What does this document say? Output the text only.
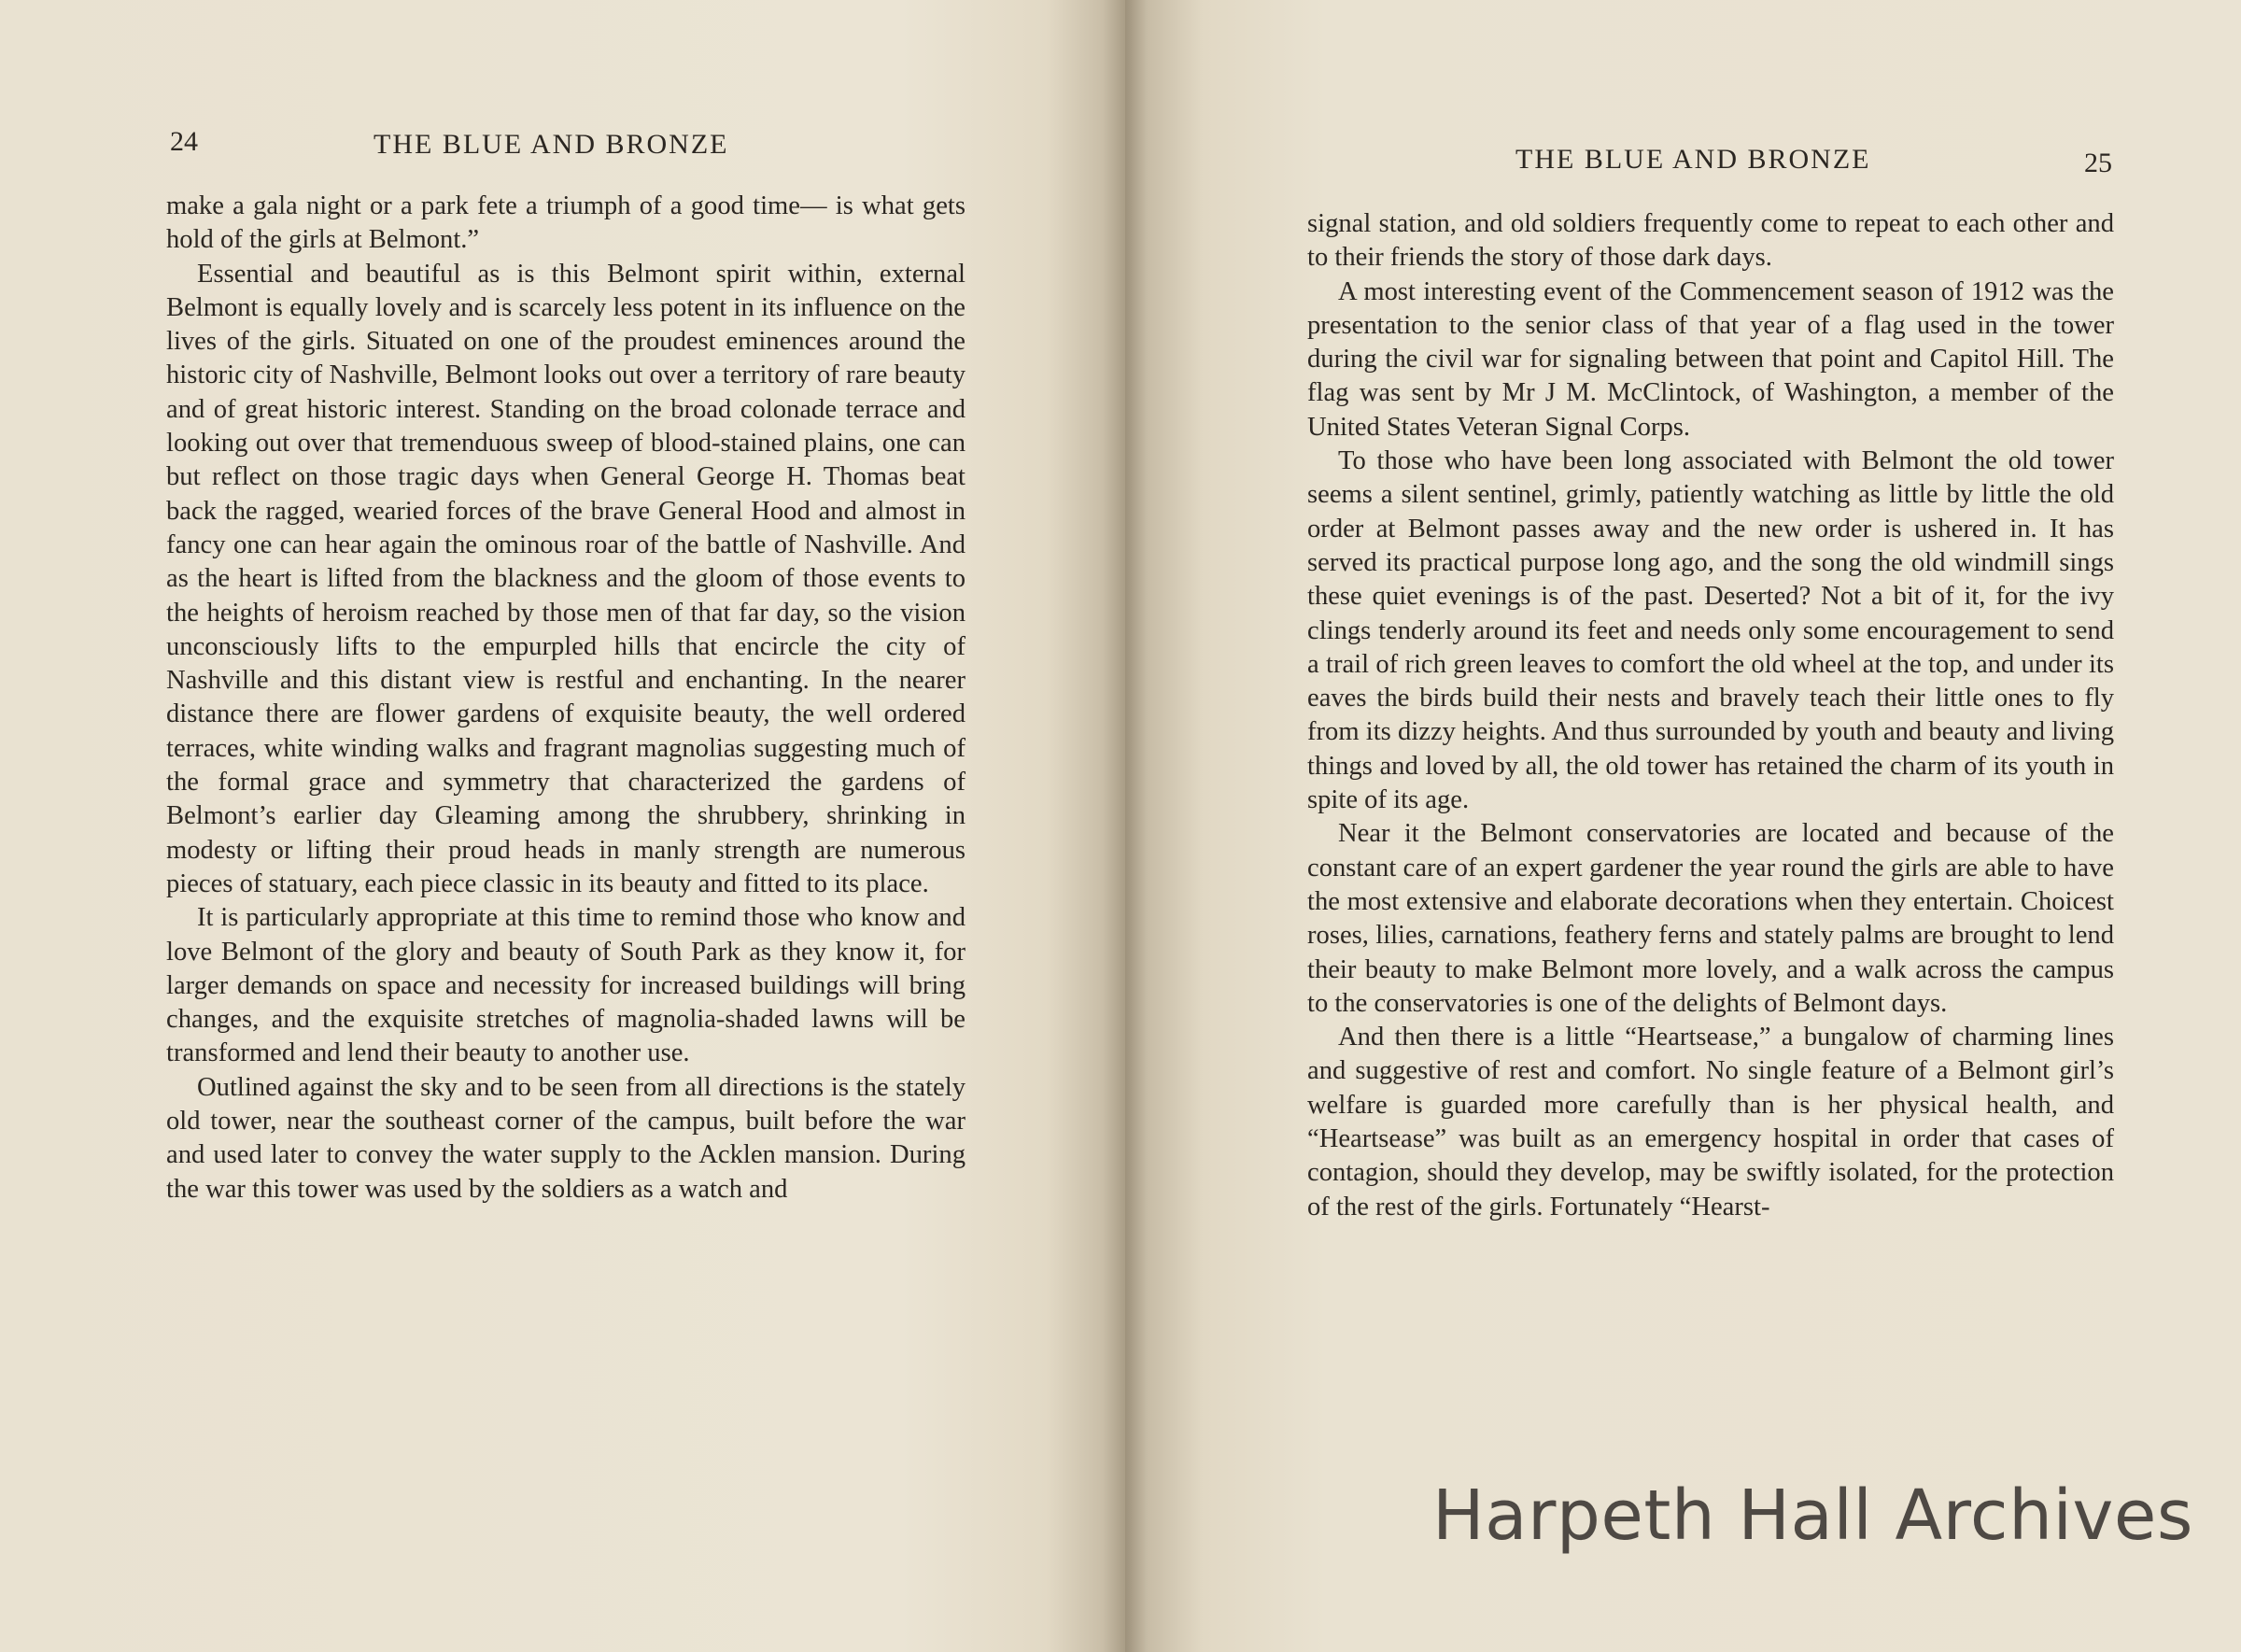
24	THE BLUE AND BRONZE

make a gala night or a park fete a triumph of a good time— is what gets hold of the girls at Belmont.”

Essential and beautiful as is this Belmont spirit within, external Belmont is equally lovely and is scarcely less potent in its influence on the lives of the girls. Situated on one of the proudest eminences around the historic city of Nashville, Belmont looks out over a territory of rare beauty and of great historic interest. Standing on the broad colonade terrace and looking out over that tremenduous sweep of blood-stained plains, one can but reflect on those tragic days when General George H. Thomas beat back the ragged, wearied forces of the brave General Hood and almost in fancy one can hear again the ominous roar of the battle of Nashville. And as the heart is lifted from the blackness and the gloom of those events to the heights of heroism reached by those men of that far day, so the vision unconsciously lifts to the empurpled hills that encircle the city of Nashville and this distant view is restful and enchanting. In the nearer distance there are flower gardens of exquisite beauty, the well ordered terraces, white winding walks and fragrant magnolias suggesting much of the formal grace and symmetry that characterized the gardens of Belmont’s earlier day Gleaming among the shrubbery, shrinking in modesty or lifting their proud heads in manly strength are numerous pieces of statuary, each piece classic in its beauty and fitted to its place.

It is particularly appropriate at this time to remind those who know and love Belmont of the glory and beauty of South Park as they know it, for larger demands on space and necessity for increased buildings will bring changes, and the exquisite stretches of magnolia-shaded lawns will be transformed and lend their beauty to another use.

Outlined against the sky and to be seen from all directions is the stately old tower, near the southeast corner of the campus, built before the war and used later to convey the water supply to the Acklen mansion. During the war this tower was used by the soldiers as a watch and

THE BLUE AND BRONZE	25

signal station, and old soldiers frequently come to repeat to each other and to their friends the story of those dark days.

A most interesting event of the Commencement season of 1912 was the presentation to the senior class of that year of a flag used in the tower during the civil war for signaling between that point and Capitol Hill. The flag was sent by Mr J M. McClintock, of Washington, a member of the United States Veteran Signal Corps.

To those who have been long associated with Belmont the old tower seems a silent sentinel, grimly, patiently watching as little by little the old order at Belmont passes away and the new order is ushered in. It has served its practical purpose long ago, and the song the old windmill sings these quiet evenings is of the past. Deserted? Not a bit of it, for the ivy clings tenderly around its feet and needs only some encouragement to send a trail of rich green leaves to comfort the old wheel at the top, and under its eaves the birds build their nests and bravely teach their little ones to fly from its dizzy heights. And thus surrounded by youth and beauty and living things and loved by all, the old tower has retained the charm of its youth in spite of its age.

Near it the Belmont conservatories are located and because of the constant care of an expert gardener the year round the girls are able to have the most extensive and elaborate decorations when they entertain. Choicest roses, lilies, carnations, feathery ferns and stately palms are brought to lend their beauty to make Belmont more lovely, and a walk across the campus to the conservatories is one of the delights of Belmont days.

And then there is a little “Heartsease,” a bungalow of charming lines and suggestive of rest and comfort. No single feature of a Belmont girl’s welfare is guarded more carefully than is her physical health, and “Heartsease” was built as an emergency hospital in order that cases of contagion, should they develop, may be swiftly isolated, for the protection of the rest of the girls. Fortunately “Hearst-

Harpeth Hall Archives
